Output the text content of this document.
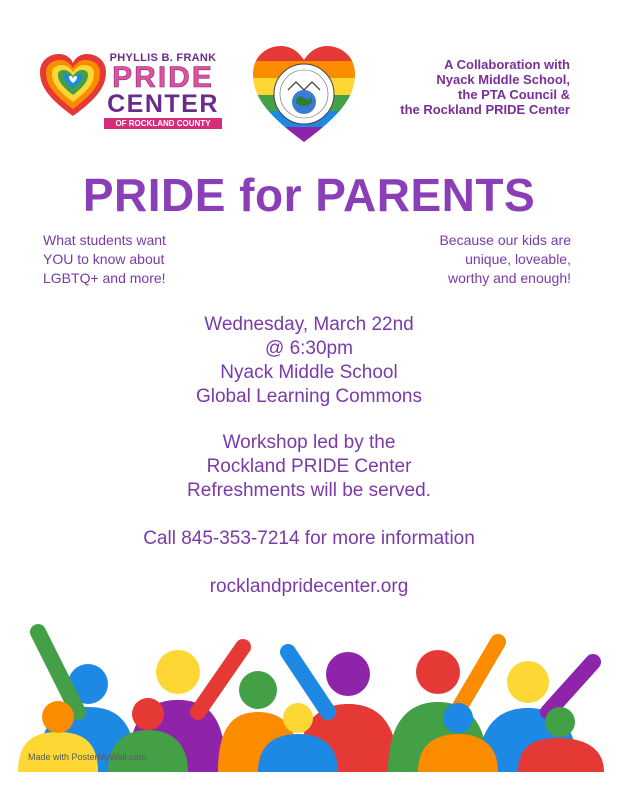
PHYLLIS B. FRANK
PRIDE
CENTER
OF ROCKLAND COUNTY
A Collaboration with
Nyack Middle School,
the PTA Council &
the Rockland PRIDE Center
PRIDE for PARENTS
What students want
YOU to know about
LGBTQ+ and more!
Because our kids are
unique, loveable,
worthy and enough!
Wednesday, March 22nd
@ 6:30pm
Nyack Middle School
Global Learning Commons
Workshop led by the
Rockland PRIDE Center
Refreshments will be served.
Call 845-353-7214 for more information
rocklandpridecenter.org
Made with PosterMyWall.com
